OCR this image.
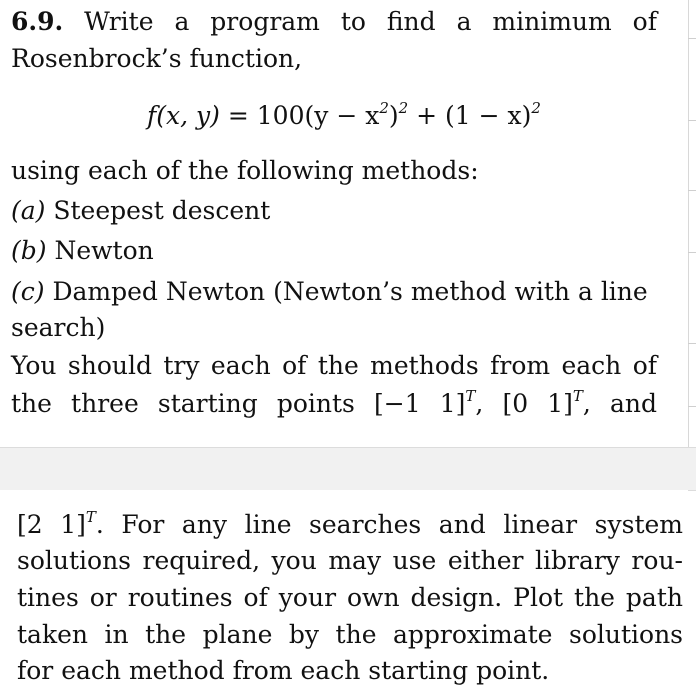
6.9. Write a program to find a minimum of
Rosenbrock’s function,
f(x, $y) = 100(y - x^2)^2 + (1 - x)^2$
using each of the following methods:
(a) Steepest descent
(b) Newton
(c) Damped Newton (Newton’s method with a line
search)
You should try each of the methods from each of
the three starting points [−1 1]$^T$, [0 1]$^T$, and
[2 1]$^T$. For any line searches and linear system
solutions required, you may use either library rou-
tines or routines of your own design. Plot the path
taken in the plane by the approximate solutions
for each method from each starting point.
